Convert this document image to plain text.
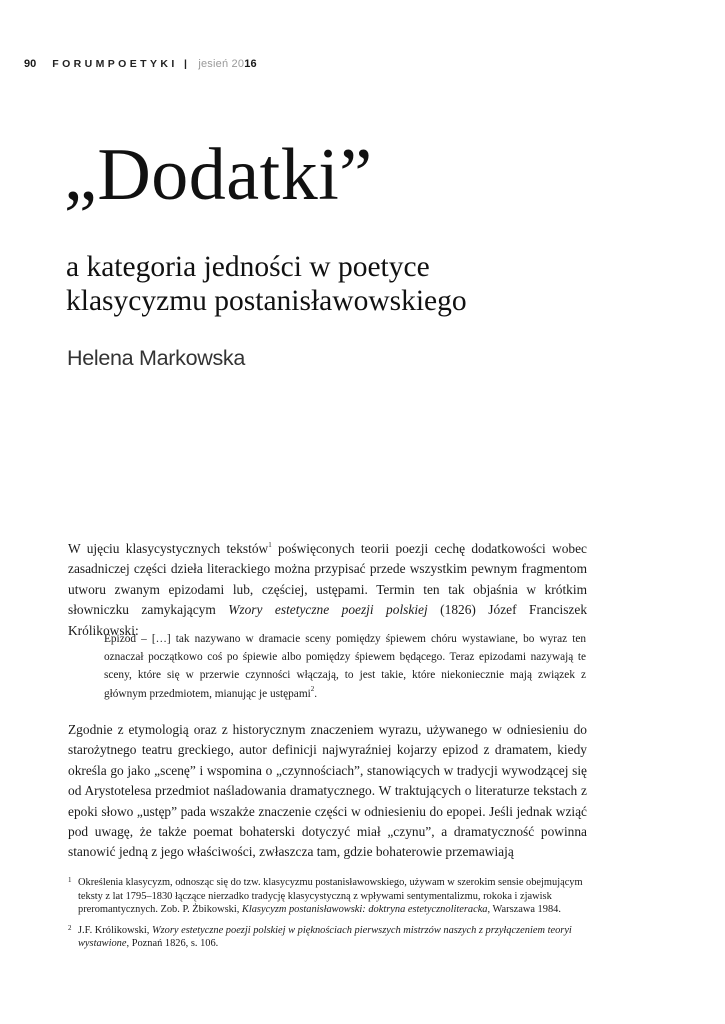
90 FORUMPOETYKI | jesień 2016
„Dodatki”
a kategoria jedności w poetyce
klasycyzmu postanisławowskiego
Helena Markowska

W ujęciu klasycystycznych tekstów$^1$ poświęconych teorii poezji cechę dodatkowości wobec zasadniczej części dzieła literackiego można przypisać przede wszystkim pewnym fragmentom utworu zwanym epizodami lub, częściej, ustępami. Termin ten tak objaśnia w krótkim słowniczku zamykającym Wzory estetyczne poezji polskiej (1826) Józef Franciszek Królikowski:

Epizod – […] tak nazywano w dramacie sceny pomiędzy śpiewem chóru wystawiane, bo wyraz ten oznaczał początkowo coś po śpiewie albo pomiędzy śpiewem będącego. Teraz epizodami nazywają te sceny, które się w przerwie czynności włączają, to jest takie, które niekoniecznie mają związek z głównym przedmiotem, mianując je ustępami$^2$.

Zgodnie z etymologią oraz z historycznym znaczeniem wyrazu, używanego w odniesieniu do starożytnego teatru greckiego, autor definicji najwyraźniej kojarzy epizod z dramatem, kiedy określa go jako „scenę” i wspomina o „czynnościach”, stanowiących w tradycji wywodzącej się od Arystotelesa przedmiot naśladowania dramatycznego. W traktujących o literaturze tekstach z epoki słowo „ustęp” pada wszakże znaczenie części w odniesieniu do epopei. Jeśli jednak wziąć pod uwagę, że także poemat bohaterski dotyczyć miał „czynu”, a dramatyczność powinna stanowić jedną z jego właściwości, zwłaszcza tam, gdzie bohaterowie przemawiają

1 Określenia klasycyzm, odnosząc się do tzw. klasycyzmu postanisławowskiego, używam w szerokim sensie obejmującym teksty z lat 1795–1830 łączące nierzadko tradycję klasycystyczną z wpływami sentymentalizmu, rokoka i zjawisk preromantycznych. Zob. P. Żbikowski, Klasycyzm postanisławowski: doktryna estetycznoliteracka, Warszawa 1984.
2 J.F. Królikowski, Wzory estetyczne poezji polskiej w pięknościach pierwszych mistrzów naszych z przyłączeniem teoryi wystawione, Poznań 1826, s. 106.
